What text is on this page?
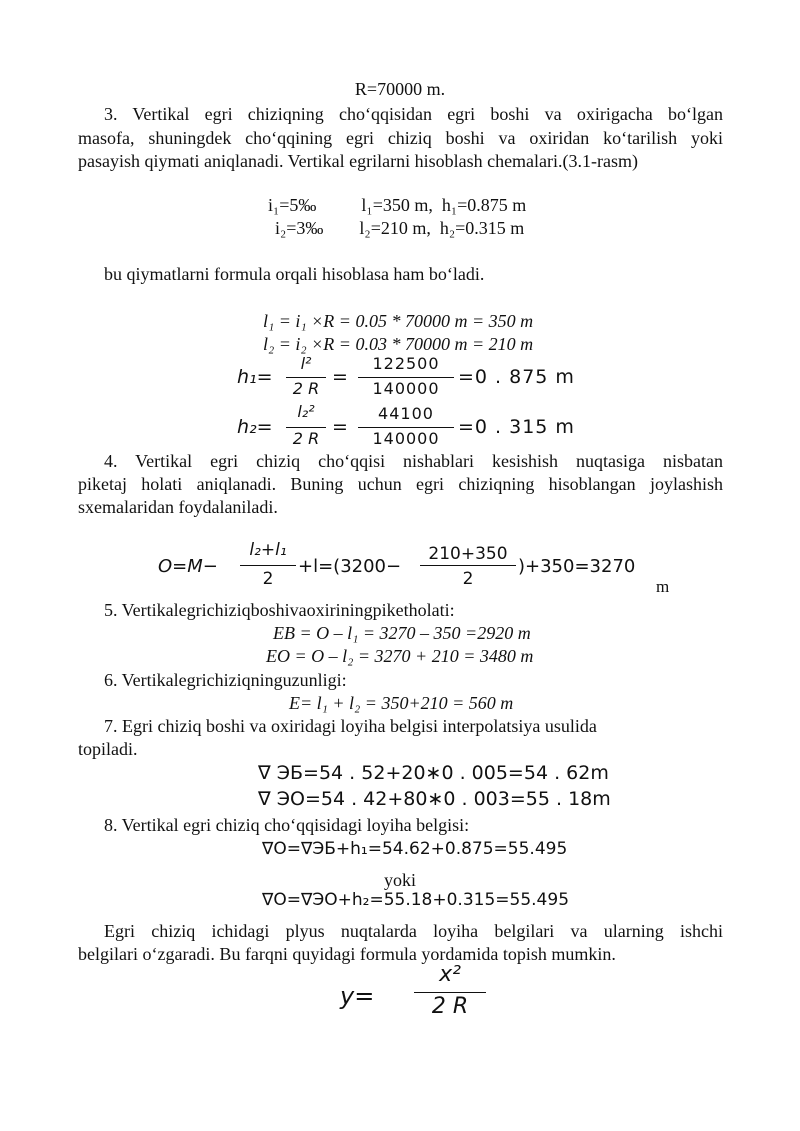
R=70000 m.
3. Vertikal egri chiziqning cho‘qqisidan egri boshi va oxirigacha bo‘lgan
masofa, shuningdek cho‘qqining egri chiziq boshi va oxiridan ko‘tarilish yoki
pasayish qiymati aniqlanadi. Vertikal egrilarni hisoblash chemalari.(3.1-rasm)
i₁=5‰          l₁=350 m,  h₁=0.875 m
i₂=3‰        l₂=210 m,  h₂=0.315 m
bu qiymatlarni formula orqali hisoblasa ham bo‘ladi.
l₁ = i₁ ×R = 0.05 * 70000 m = 350 m
l₂ = i₂ ×R = 0.03 * 70000 m = 210 m
h₁=
l²
2 R
=
122500
140000
=0 . 875 m
h₂=
l₂²
2 R
=
44100
140000
=0 . 315 m
4. Vertikal egri chiziq cho‘qqisi nishablari kesishish nuqtasiga nisbatan
piketaj holati aniqlanadi. Buning uchun egri chiziqning hisoblangan joylashish
sxemalaridan foydalaniladi.
O=M−
l₂+l₁
2
+l=(3200−
210+350
2
)+350=3270
m
5. Vertikalegrichiziqboshivaoxiriningpiketholati:
EB = O – l₁ = 3270 – 350 =2920 m
EO = O – l₂ = 3270 + 210 = 3480 m
6. Vertikalegrichiziqninguzunligi:
E= l₁ + l₂ = 350+210 = 560 m
7. Egri chiziq boshi va oxiridagi loyiha belgisi interpolatsiya usulida
topiladi.
∇ ЭБ=54 . 52+20∗0 . 005=54 . 62m
∇ ЭО=54 . 42+80∗0 . 003=55 . 18m
8. Vertikal egri chiziq cho‘qqisidagi loyiha belgisi:
∇O=∇ЭБ+h₁=54.62+0.875=55.495
yoki
∇O=∇ЭО+h₂=55.18+0.315=55.495
Egri chiziq ichidagi plyus nuqtalarda loyiha belgilari va ularning ishchi
belgilari o‘zgaradi. Bu farqni quyidagi formula yordamida topish mumkin.
y=
x²
2 R
